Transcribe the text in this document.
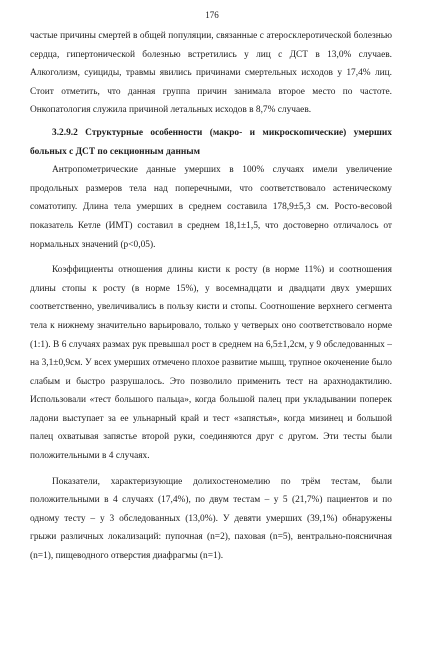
176

частые причины смертей в общей популяции, связанные с атеросклеротической болезнью сердца, гипертонической болезнью встретились у лиц с ДСТ в 13,0% случаев. Алкоголизм, суициды, травмы явились причинами смертельных исходов у 17,4% лиц. Стоит отметить, что данная группа причин занимала второе место по частоте. Онкопатология служила причиной летальных исходов в 8,7% случаев.

3.2.9.2 Структурные особенности (макро- и микроскопические) умерших больных с ДСТ по секционным данным

Антропометрические данные умерших в 100% случаях имели увеличение продольных размеров тела над поперечными, что соответствовало астеническому соматотипу. Длина тела умерших в среднем составила 178,9±5,3 см. Росто-весовой показатель Кетле (ИМТ) составил в среднем 18,1±1,5, что достоверно отличалось от нормальных значений (p<0,05).

Коэффициенты отношения длины кисти к росту (в норме 11%) и соотношения длины стопы к росту (в норме 15%), у восемнадцати и двадцати двух умерших соответственно, увеличивались в пользу кисти и стопы. Соотношение верхнего сегмента тела к нижнему значительно варьировало, только у четверых оно соответствовало норме (1:1). В 6 случаях размах рук превышал рост в среднем на 6,5±1,2см, у 9 обследованных – на 3,1±0,9см. У всех умерших отмечено плохое развитие мышц, трупное окоченение было слабым и быстро разрушалось. Это позволило применить тест на арахнодактилию. Использовали «тест большого пальца», когда большой палец при укладывании поперек ладони выступает за ее ульнарный край и тест «запястья», когда мизинец и большой палец охватывая запястье второй руки, соединяются друг с другом. Эти тесты были положительными в 4 случаях.

Показатели, характеризующие долихостеномелию по трём тестам, были положительными в 4 случаях (17,4%), по двум тестам – у 5 (21,7%) пациентов и по одному тесту – у 3 обследованных (13,0%). У девяти умерших (39,1%) обнаружены грыжи различных локализаций: пупочная (n=2), паховая (n=5), вентрально-поясничная (n=1), пищеводного отверстия диафрагмы (n=1).
